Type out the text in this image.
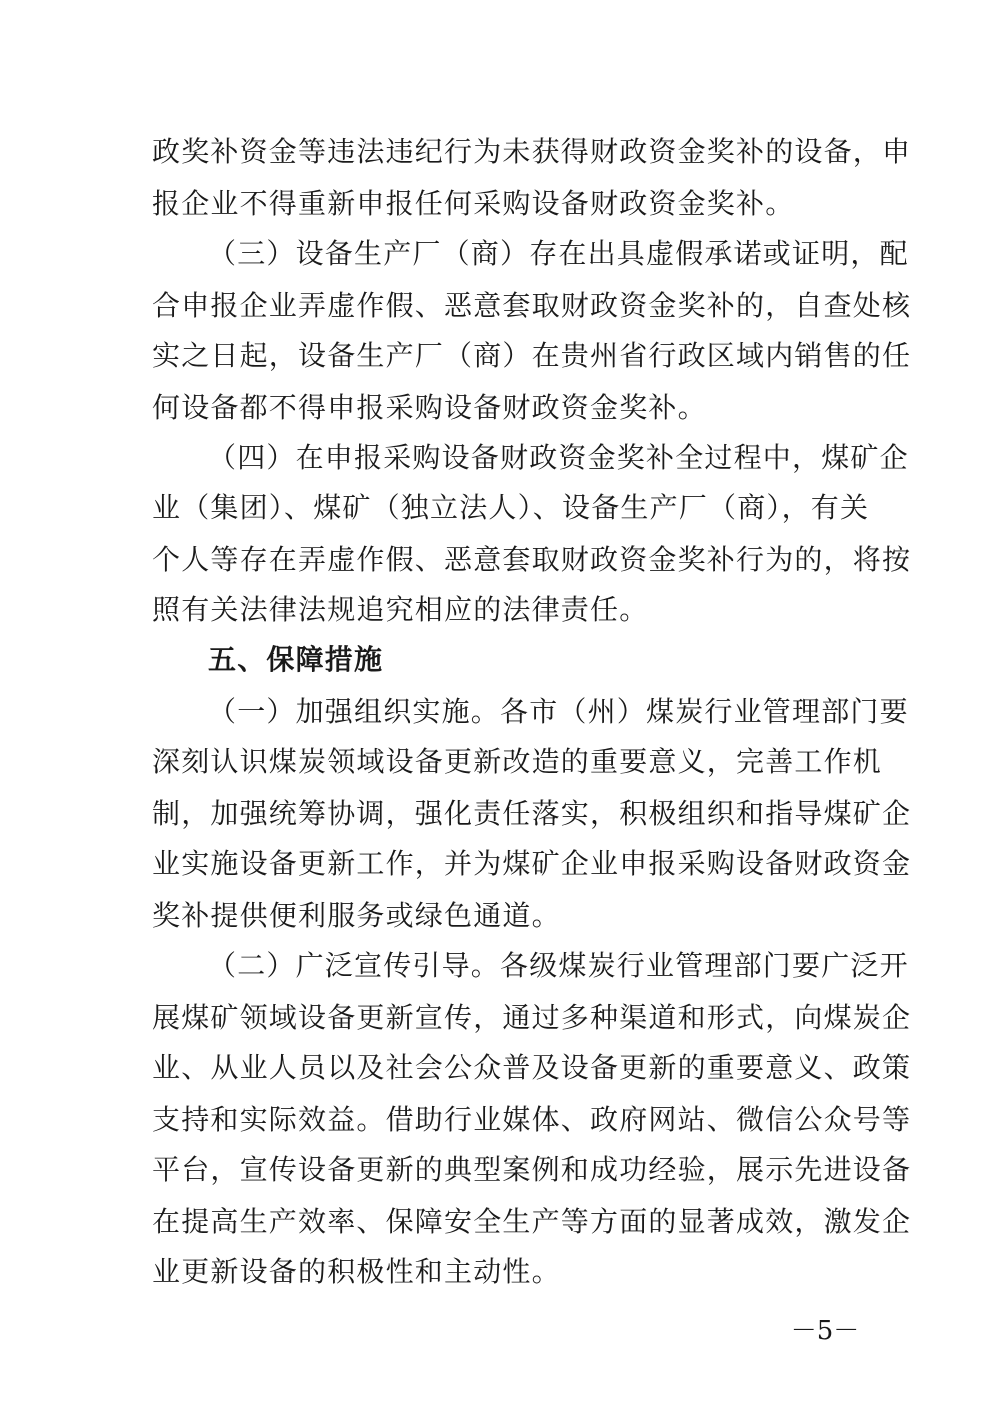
政奖补资金等违法违纪行为未获得财政资金奖补的设备，申
报企业不得重新申报任何采购设备财政资金奖补。
（三）设备生产厂（商）存在出具虚假承诺或证明，配
合申报企业弄虚作假、恶意套取财政资金奖补的，自查处核
实之日起，设备生产厂（商）在贵州省行政区域内销售的任
何设备都不得申报采购设备财政资金奖补。
（四）在申报采购设备财政资金奖补全过程中，煤矿企
业（集团）、煤矿（独立法人）、设备生产厂（商），有关
个人等存在弄虚作假、恶意套取财政资金奖补行为的，将按
照有关法律法规追究相应的法律责任。
五、保障措施
（一）加强组织实施。各市（州）煤炭行业管理部门要
深刻认识煤炭领域设备更新改造的重要意义，完善工作机
制，加强统筹协调，强化责任落实，积极组织和指导煤矿企
业实施设备更新工作，并为煤矿企业申报采购设备财政资金
奖补提供便利服务或绿色通道。
（二）广泛宣传引导。各级煤炭行业管理部门要广泛开
展煤矿领域设备更新宣传，通过多种渠道和形式，向煤炭企
业、从业人员以及社会公众普及设备更新的重要意义、政策
支持和实际效益。借助行业媒体、政府网站、微信公众号等
平台，宣传设备更新的典型案例和成功经验，展示先进设备
在提高生产效率、保障安全生产等方面的显著成效，激发企
业更新设备的积极性和主动性。
－5－
